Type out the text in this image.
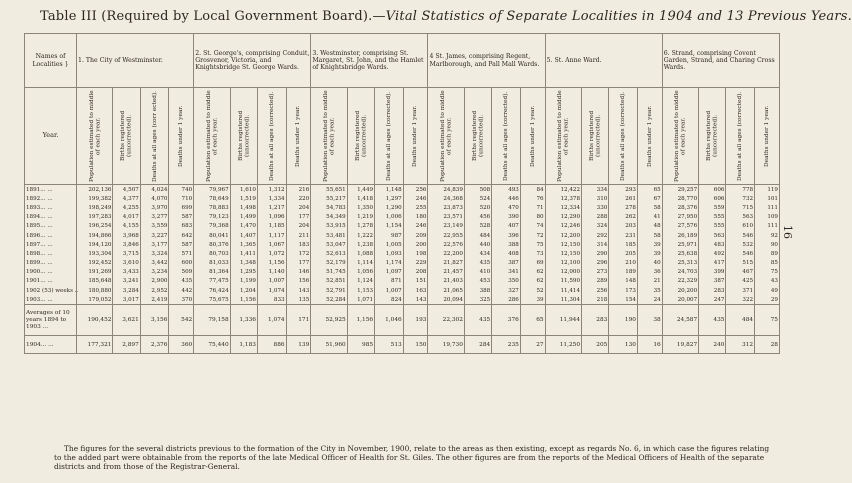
Table III (Required by Local Government Board).—Vital Statistics of Separate Localities in 1904 and 13 Previous Years.
16
Names of Localities }	1. The City of Westminster.				2. St. George's, comprising Conduit, Grosvenor, Victoria, and Knightsbridge St. George Wards.				3. Westminster, comprising St. Margaret, St. John, and the Hamlet of Knightsbridge Wards.				4 St. James, comprising Regent, Marlborough, and Pall Mall Wards.				5. St. Anne Ward.				6. Strand, comprising Covent Garden, Strand, and Charing Cross Wards.			
Year.	Population estimated to middle of each year.	Births registered (uncorrected).	Deaths at all ages (corr ected).	Deaths under 1 year.	Population estimated to middle of each year.	Births registered (uncorrected).	Deaths at all ages (corrected).	Deaths under 1 year.	Population estimated to middle of each year.	Births registered (uncorrected).	Deaths at all ages (corrected).	Deaths under 1 year.	Population estimated to middle of each year.	Births registered (uncorrected).	Deaths at all ages (corrected).	Deaths under 1 year.	Population estimated to middle of each year.	Births registered (uncorrected).	Deaths at all ages (corrected).	Deaths under 1 year.	Population estimated to middle of each year.	Births registered (uncorrected).	Deaths at all ages (corrected).	Deaths under 1 year.

1891... ...	202,136	4,507	4,024	740	79,967	1,610	1,312	216	55,651	1,449	1,148	256	24,839	508	493	84	12,422	334	293	65	29,257	606	778	119
1892... ...	199,382	4,377	4,070	710	78,649	1,519	1,334	220	55,217	1,418	1,297	246	24,368	524	446	76	12,378	310	261	67	28,770	606	732	101
1893... ...	198,249	4,255	3,970	699	78,883	1,498	1,217	204	54,783	1,350	1,290	255	23,873	520	470	71	12,334	330	278	58	28,376	559	715	111
1894... ...	197,283	4,017	3,277	587	79,123	1,499	1,096	177	54,349	1,219	1,006	180	23,571	456	390	80	12,290	288	262	41	27,950	555	563	109
1895... ...	196,254	4,155	3,559	683	79,368	1,470	1,185	204	53,915	1,278	1,154	246	23,149	528	407	74	12,246	324	203	48	27,576	555	610	111
1896... ...	194,866	3,968	3,227	642	80,041	1,407	1,117	211	53,481	1,222	987	209	22,955	484	396	72	12,200	292	231	58	26,189	563	546	92
1897... ...	194,120	3,846	3,177	587	80,376	1,365	1,067	183	53,047	1,238	1,005	200	22,576	440	388	75	12,150	314	185	39	25,971	483	532	90
1898... ...	193,304	3,715	3,324	571	80,703	1,411	1,072	172	52,613	1,088	1,093	198	22,200	434	408	73	12,150	290	205	39	25,638	492	546	89
1899... ...	192,452	3,610	3,442	600	81,033	1,348	1,156	177	52,179	1,114	1,174	229	21,827	435	387	69	12,100	296	210	40	25,313	417	515	85
1900... ...	191,269	3,433	3,234	509	81,364	1,295	1,140	146	51,745	1,056	1,097	208	21,457	410	341	62	12,000	273	189	36	24,703	399	467	75
1901... ...	185,648	3,241	2,900	435	77,475	1,199	1,007	156	52,851	1,124	871	151	21,403	453	350	62	11,590	289	148	21	22,329	387	425	43
1902 (53) weeks ..	180,880	3,284	2,952	442	76,424	1,204	1,074	143	52,791	1,153	1,007	163	21,065	388	327	52	11,414	256	173	35	20,200	283	371	49
1903... ...	179,052	3,017	2,419	370	75,675	1,156	833	135	52,284	1,071	824	143	20,094	325	286	39	11,304	218	154	24	20,007	247	322	29
Averages of 10 years 1894 to 1903 ...	190,452	3,621	3,156	542	79,158	1,336	1,074	171	52,925	1,156	1,046	193	22,302	435	376	65	11,944	283	190	38	24,587	435	484	75
1904... ...	177,321	2,897	2,376	360	75,440	1,183	886	139	51,960	985	513	150	19,730	284	235	27	11,250	205	130	16	19,827	240	312	28
The figures for the several districts previous to the formation of the City in November, 1900, relate to the areas as then existing, except as regards No. 6, in which case the figures relating to the added part were obtainable from the reports of the late Medical Officer of Health for St. Giles. The other figures are from the reports of the Medical Officers of Health of the separate districts and from those of the Registrar-General.
